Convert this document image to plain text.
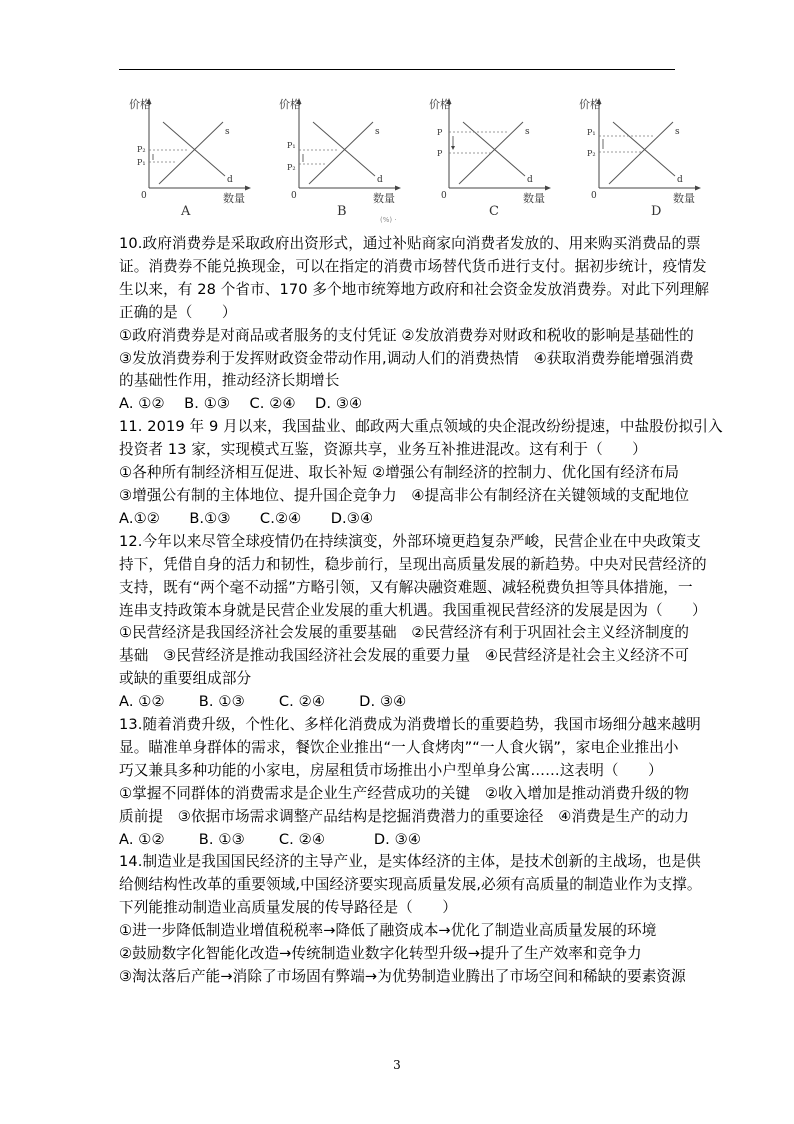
价格
P₂
P₁
0
s
d
数量
A
价格
P₁
P₂
0
s
d
数量
B
价格
P
P
0
s
d
数量
C
价格
P₁
P₂
0
s
d
数量
D
(%) ·

10.政府消费券是采取政府出资形式，通过补贴商家向消费者发放的、用来购买消费品的票

证。消费券不能兑换现金，可以在指定的消费市场替代货币进行支付。据初步统计，疫情发

生以来，有 28 个省市、170 多个地市统筹地方政府和社会资金发放消费券。对此下列理解

正确的是（　　）

①政府消费券是对商品或者服务的支付凭证 ②发放消费券对财政和税收的影响是基础性的

③发放消费券利于发挥财政资金带动作用,调动人们的消费热情　④获取消费券能增强消费

的基础性作用，推动经济长期增长

A. ①②　 B. ①③　 C. ②④　 D. ③④

11. 2019 年 9 月以来，我国盐业、邮政两大重点领域的央企混改纷纷提速，中盐股份拟引入

投资者 13 家，实现模式互鉴，资源共享，业务互补推进混改。这有利于（　　）

①各种所有制经济相互促进、取长补短 ②增强公有制经济的控制力、优化国有经济布局

③增强公有制的主体地位、提升国企竞争力　④提高非公有制经济在关键领域的支配地位

A.①②　　B.①③　　C.②④　　D.③④

12.今年以来尽管全球疫情仍在持续演变，外部环境更趋复杂严峻，民营企业在中央政策支

持下，凭借自身的活力和韧性，稳步前行，呈现出高质量发展的新趋势。中央对民营经济的

支持，既有“两个毫不动摇”方略引领，又有解决融资难题、减轻税费负担等具体措施，一

连串支持政策本身就是民营企业发展的重大机遇。我国重视民营经济的发展是因为（　　）

①民营经济是我国经济社会发展的重要基础　②民营经济有利于巩固社会主义经济制度的

基础　③民营经济是推动我国经济社会发展的重要力量　④民营经济是社会主义经济不可

或缺的重要组成部分

A. ①②　　 B. ①③　　 C. ②④　　 D. ③④

13.随着消费升级，个性化、多样化消费成为消费增长的重要趋势，我国市场细分越来越明

显。瞄准单身群体的需求，餐饮企业推出“一人食烤肉”“一人食火锅”，家电企业推出小

巧又兼具多种功能的小家电，房屋租赁市场推出小户型单身公寓……这表明（　　）

①掌握不同群体的消费需求是企业生产经营成功的关键　②收入增加是推动消费升级的物

质前提　③依据市场需求调整产品结构是挖掘消费潜力的重要途径　④消费是生产的动力

A. ①②　　 B. ①③　　 C. ②④　　　 D. ③④

14.制造业是我国国民经济的主导产业，是实体经济的主体，是技术创新的主战场，也是供

给侧结构性改革的重要领域,中国经济要实现高质量发展,必须有高质量的制造业作为支撑。

下列能推动制造业高质量发展的传导路径是（　　）

①进一步降低制造业增值税税率→降低了融资成本→优化了制造业高质量发展的环境

②鼓励数字化智能化改造→传统制造业数字化转型升级→提升了生产效率和竞争力

③淘汰落后产能→消除了市场固有弊端→为优势制造业腾出了市场空间和稀缺的要素资源

3
